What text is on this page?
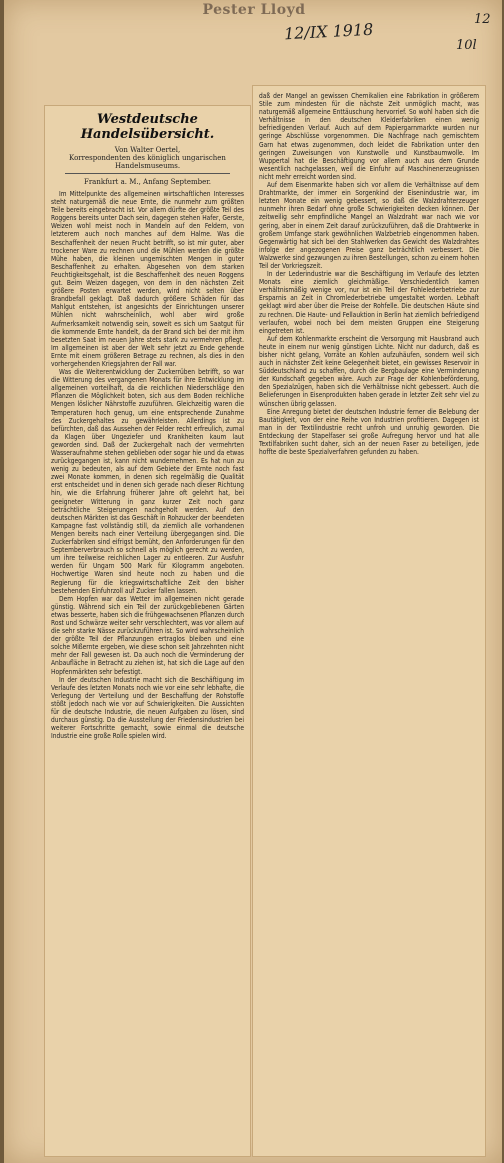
Pester Lloyd
12/IX 1918
12
10l
Westdeutsche Handelsübersicht.

Von Walter Oertel,

Korrespondenten des königlich ungarischen Handelsmuseums.

Frankfurt a. M., Anfang September.

Im Mittelpunkte des allgemeinen wirtschaftlichen Interesses steht naturgemäß die neue Ernte, die nunmehr zum größten Teile bereits eingebracht ist. Vor allem dürfte der größte Teil des Roggens bereits unter Dach sein, dagegen stehen Hafer, Gerste, Weizen wohl meist noch in Mandeln auf den Feldern, von letzterem auch noch manches auf dem Halme. Was die Beschaffenheit der neuen Frucht betrifft, so ist mir guter, aber trockener Ware zu rechnen und die Mühlen werden die größte Mühe haben, die kleinen ungemischten Mengen in guter Beschaffenheit zu erhalten. Abgesehen von dem starken Feuchtigkeitsgehalt, ist die Beschaffenheit des neuen Roggens gut. Beim Weizen dagegen, von dem in den nächsten Zeit größere Posten erwartet werden, wird nicht selten über Brandbefall geklagt. Daß dadurch größere Schäden für das Mahlgut entstehen, ist angesichts der Einrichtungen unserer Mühlen nicht wahrscheinlich, wohl aber wird große Aufmerksamkeit notwendig sein, soweit es sich um Saatgut für die kommende Ernte handelt, da der Brand sich bei der mit ihm besetzten Saat im neuen Jahre stets stark zu vermehren pflegt. Im allgemeinen ist aber der Welt sehr jetzt zu Ende gehende Ernte mit einem größeren Betrage zu rechnen, als dies in den vorhergehenden Kriegsjahren der Fall war.

Was die Weiterentwicklung der Zuckerrüben betrifft, so war die Witterung des vergangenen Monats für ihre Entwicklung im allgemeinen vorteilhaft, da die reichlichen Niederschläge den Pflanzen die Möglichkeit boten, sich aus dem Boden reichliche Mengen löslicher Nährstoffe zuzuführen. Gleichzeitig waren die Temperaturen hoch genug, um eine entsprechende Zunahme des Zuckergehaltes zu gewährleisten. Allerdings ist zu befürchten, daß das Aussehen der Felder recht erfreulich, zumal da Klagen über Ungeziefer und Krankheiten kaum laut geworden sind. Daß der Zuckergehalt nach der vermehrten Wasseraufnahme stehen geblieben oder sogar hie und da etwas zurückgegangen ist, kann nicht wundernehmen. Es hat nun zu wenig zu bedeuten, als auf dem Gebiete der Ernte noch fast zwei Monate kommen, in denen sich regelmäßig die Qualität erst entscheidet und in denen sich gerade nach dieser Richtung hin, wie die Erfahrung früherer Jahre oft gelehrt hat, bei geeigneter Witterung in ganz kurzer Zeit noch ganz beträchtliche Steigerungen nachgeholt werden. Auf den deutschen Märkten ist das Geschäft in Rohzucker der beendeten Kampagne fast vollständig still, da ziemlich alle vorhandenen Mengen bereits nach einer Verteilung übergegangen sind. Die Zuckerfabriken sind eifrigst bemüht, den Anforderungen für den Septemberverbrauch so schnell als möglich gerecht zu werden, um ihre teilweise reichlichen Lager zu entleeren. Zur Ausfuhr werden für Ungarn 500 Mark für Kilogramm angeboten. Hochwertige Waren sind heute noch zu haben und die Regierung für die kriegswirtschaftliche Zeit den bisher bestehenden Einfuhrzoll auf Zucker fallen lassen.

Dem Hopfen war das Wetter im allgemeinen nicht gerade günstig. Während sich ein Teil der zurückgebliebenen Gärten etwas besserte, haben sich die frühgewachsenen Pflanzen durch Rost und Schwärze weiter sehr verschlechtert, was vor allem auf die sehr starke Nässe zurückzuführen ist. So wird wahrscheinlich der größte Teil der Pflanzungen ertraglos bleiben und eine solche Mißernte ergeben, wie diese schon seit Jahrzehnten nicht mehr der Fall gewesen ist. Da auch noch die Verminderung der Anbaufläche in Betracht zu ziehen ist, hat sich die Lage auf den Hopfenmärkten sehr befestigt.

In der deutschen Industrie macht sich die Beschäftigung im Verlaufe des letzten Monats noch wie vor eine sehr lebhafte, die Verlegung der Verteilung und der Beschaffung der Rohstoffe stößt jedoch nach wie vor auf Schwierigkeiten. Die Aussichten für die deutsche Industrie, die neuen Aufgaben zu lösen, sind durchaus günstig. Da die Ausstellung der Friedensindustrien bei weiterer Fortschritte gemacht, sowie einmal die deutsche Industrie eine große Rolle spielen wird.

daß der Mangel an gewissen Chemikalien eine Fabrikation in größerem Stile zum mindesten für die nächste Zeit unmöglich macht, was naturgemäß allgemeine Enttäuschung hervorrief. So wohl haben sich die Verhältnisse in den deutschen Kleiderfabriken einen wenig befriedigenden Verlauf. Auch auf dem Papiergarnmarkte wurden nur geringe Abschlüsse vorgenommen. Die Nachfrage nach gemischtem Garn hat etwas zugenommen, doch leidet die Fabrikation unter den geringen Zuweisungen von Kunstwolle und Kunstbaumwolle. Im Wuppertal hat die Beschäftigung vor allem auch aus dem Grunde wesentlich nachgelassen, weil die Einfuhr auf Maschinenerzeugnissen nicht mehr erreicht worden sind.

Auf dem Eisenmarkte haben sich vor allem die Verhältnisse auf dem Drahtmarkte, der immer ein Sorgenkind der Eisenindustrie war, im letzten Monate ein wenig gebessert, so daß die Walzdrahterzeuger nunmehr ihren Bedarf ohne große Schwierigkeiten decken können. Der zeitweilig sehr empfindliche Mangel an Walzdraht war nach wie vor gering, aber in einem Zeit darauf zurückzuführen, daß die Drahtwerke in großem Umfange stark gewöhnlichen Walzbetrieb eingenommen haben. Gegenwärtig hat sich bei den Stahlwerken das Gewicht des Walzdrahtes infolge der angezogenen Preise ganz beträchtlich verbessert. Die Walzwerke sind gezwungen zu ihren Bestellungen, schon zu einem hohen Teil der Vorkriegszeit.

In der Lederindustrie war die Beschäftigung im Verlaufe des letzten Monats eine ziemlich gleichmäßige. Verschiedentlich kamen verhältnismäßig wenige vor, nur ist ein Teil der Fohlelederbetriebe zur Ersparnis an Zeit in Chromlederbetriebe umgestaltet worden. Lebhaft geklagt wird aber über die Preise der Rohfelle. Die deutschen Häute sind zu rechnen. Die Haute- und Fellauktion in Berlin hat ziemlich befriedigend verlaufen, wobei noch bei dem meisten Gruppen eine Steigerung eingetreten ist.

Auf dem Kohlenmarkte erscheint die Versorgung mit Hausbrand auch heute in einem nur wenig günstigen Lichte. Nicht nur dadurch, daß es bisher nicht gelang, Vorräte an Kohlen aufzuhäufen, sondern weil sich auch in nächster Zeit keine Gelegenheit bietet, ein gewisses Reservoir in Süddeutschland zu schaffen, durch die Bergbaulage eine Verminderung der Kundschaft gegeben wäre. Auch zur Frage der Kohlenbeförderung, den Spezialzügen, haben sich die Verhältnisse nicht gebessert. Auch die Belieferungen in Eisenprodukten haben gerade in letzter Zeit sehr viel zu wünschen übrig gelassen.

Eine Anregung bietet der deutschen Industrie ferner die Belebung der Bautätigkeit, von der eine Reihe von Industrien profitieren. Dagegen ist man in der Textilindustrie recht unfroh und unruhig geworden. Die Entdeckung der Stapelfaser sei große Aufregung hervor und hat alle Textilfabriken sucht daher, sich an der neuen Faser zu beteiligen, jede hoffte die beste Spezialverfahren gefunden zu haben.
